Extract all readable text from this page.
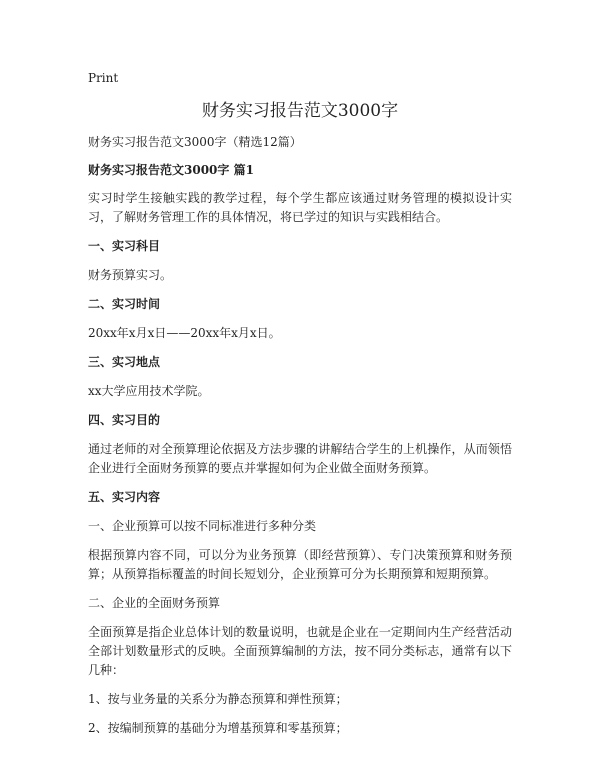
Print
财务实习报告范文3000字
财务实习报告范文3000字（精选12篇）
财务实习报告范文3000字 篇1

实习时学生接触实践的教学过程，每个学生都应该通过财务管理的模拟设计实习，了解财务管理工作的具体情况，将已学过的知识与实践相结合。

一、实习科目

财务预算实习。

二、实习时间

20xx年x月x日——20xx年x月x日。

三、实习地点

xx大学应用技术学院。

四、实习目的

通过老师的对全预算理论依据及方法步骤的讲解结合学生的上机操作，从而领悟企业进行全面财务预算的要点并掌握如何为企业做全面财务预算。

五、实习内容
一、企业预算可以按不同标准进行多种分类

根据预算内容不同，可以分为业务预算（即经营预算）、专门决策预算和财务预算；从预算指标覆盖的时间长短划分，企业预算可分为长期预算和短期预算。

二、企业的全面财务预算

全面预算是指企业总体计划的数量说明，也就是企业在一定期间内生产经营活动全部计划数量形式的反映。全面预算编制的方法，按不同分类标志，通常有以下几种：

1、按与业务量的关系分为静态预算和弹性预算；

2、按编制预算的基础分为增基预算和零基预算；
